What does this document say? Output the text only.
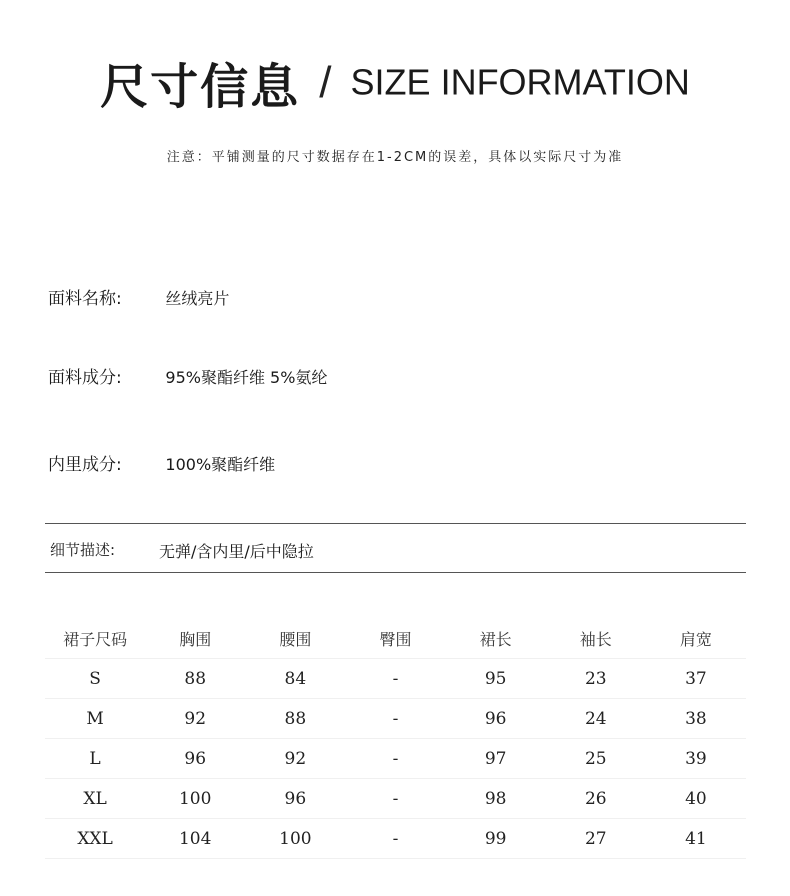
尺寸信息 / SIZE INFORMATION
注意：平铺测量的尺寸数据存在1-2CM的误差，具体以实际尺寸为准
面料名称:	丝绒亮片
面料成分:	95%聚酯纤维 5%氨纶
内里成分:	100%聚酯纤维
细节描述:	无弹/含内里/后中隐拉
裙子尺码	胸围	腰围	臀围	裙长	袖长	肩宽
S	88	84	-	95	23	37
M	92	88	-	96	24	38
L	96	92	-	97	25	39
XL	100	96	-	98	26	40
XXL	104	100	-	99	27	41
